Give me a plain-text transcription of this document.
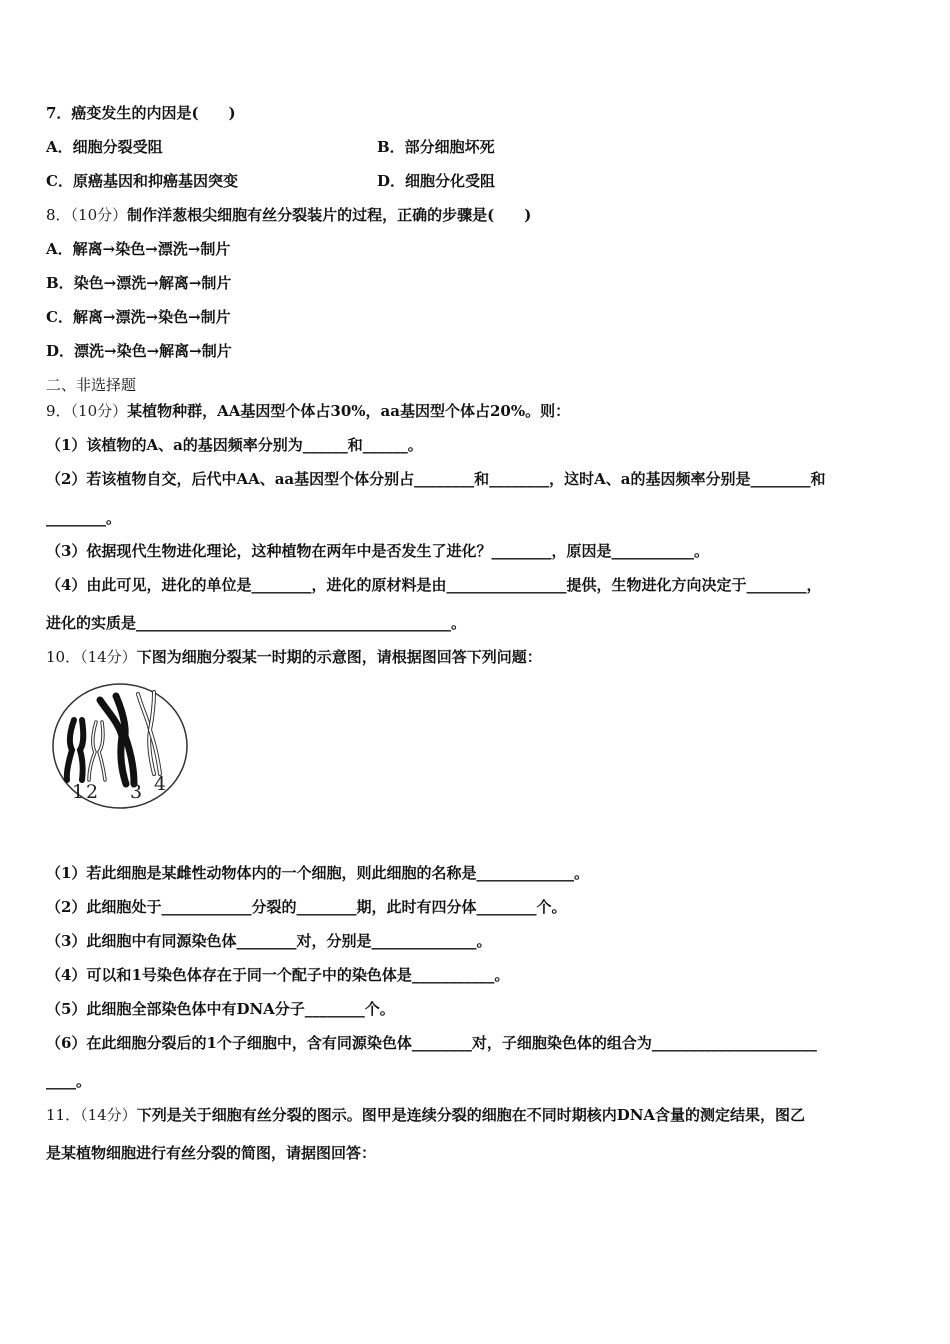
7．癌变发生的内因是(　　)
A．细胞分裂受阻	B．部分细胞坏死
C．原癌基因和抑癌基因突变	D．细胞分化受阻
8．（10分）制作洋葱根尖细胞有丝分裂装片的过程，正确的步骤是(　　)
A．解离→染色→漂洗→制片
B．染色→漂洗→解离→制片
C．解离→漂洗→染色→制片
D．漂洗→染色→解离→制片
二、非选择题
9．（10分）某植物种群，AA基因型个体占30%，aa基因型个体占20%。则：
（1）该植物的A、a的基因频率分别为______和______。
（2）若该植物自交，后代中AA、aa基因型个体分别占________和________，这时A、a的基因频率分别是________和
________。
（3）依据现代生物进化理论，这种植物在两年中是否发生了进化？________，原因是___________。
（4）由此可见，进化的单位是________，进化的原材料是由________________提供，生物进化方向决定于________，
进化的实质是__________________________________________。
10．（14分）下图为细胞分裂某一时期的示意图，请根据图回答下列问题：
1 2 3 4
（1）若此细胞是某雌性动物体内的一个细胞，则此细胞的名称是_____________。
（2）此细胞处于____________分裂的________期，此时有四分体________个。
（3）此细胞中有同源染色体________对，分别是______________。
（4）可以和1号染色体存在于同一个配子中的染色体是___________。
（5）此细胞全部染色体中有DNA分子________个。
（6）在此细胞分裂后的1个子细胞中，含有同源染色体________对，子细胞染色体的组合为______________________
____。
11．（14分）下列是关于细胞有丝分裂的图示。图甲是连续分裂的细胞在不同时期核内DNA含量的测定结果，图乙
是某植物细胞进行有丝分裂的简图，请据图回答：
